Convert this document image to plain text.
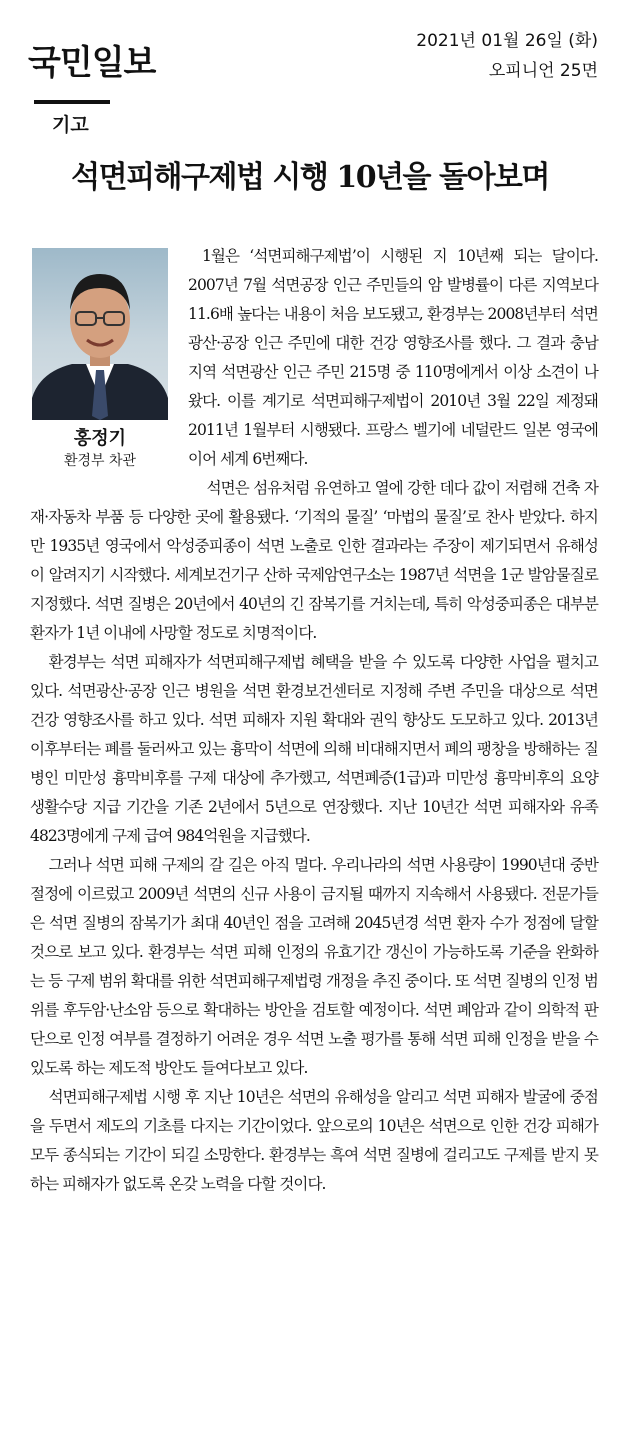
국민일보
2021년 01월 26일 (화)
오피니언 25면
기고
석면피해구제법 시행 10년을 돌아보며
홍정기
환경부 차관

1월은 ‘석면피해구제법’이 시행된 지 10년째 되는 달이다. 2007년 7월 석면공장 인근 주민들의 암 발병률이 다른 지역보다 11.6배 높다는 내용이 처음 보도됐고, 환경부는 2008년부터 석면광산·공장 인근 주민에 대한 건강 영향조사를 했다. 그 결과 충남 지역 석면광산 인근 주민 215명 중 110명에게서 이상 소견이 나왔다. 이를 계기로 석면피해구제법이 2010년 3월 22일 제정돼 2011년 1월부터 시행됐다. 프랑스 벨기에 네덜란드 일본 영국에 이어 세계 6번째다.

석면은 섬유처럼 유연하고 열에 강한 데다 값이 저렴해 건축 자재·자동차 부품 등 다양한 곳에 활용됐다. ‘기적의 물질’ ‘마법의 물질’로 찬사 받았다. 하지만 1935년 영국에서 악성중피종이 석면 노출로 인한 결과라는 주장이 제기되면서 유해성이 알려지기 시작했다. 세계보건기구 산하 국제암연구소는 1987년 석면을 1군 발암물질로 지정했다. 석면 질병은 20년에서 40년의 긴 잠복기를 거치는데, 특히 악성중피종은 대부분 환자가 1년 이내에 사망할 정도로 치명적이다.

환경부는 석면 피해자가 석면피해구제법 혜택을 받을 수 있도록 다양한 사업을 펼치고 있다. 석면광산·공장 인근 병원을 석면 환경보건센터로 지정해 주변 주민을 대상으로 석면 건강 영향조사를 하고 있다. 석면 피해자 지원 확대와 권익 향상도 도모하고 있다. 2013년 이후부터는 폐를 둘러싸고 있는 흉막이 석면에 의해 비대해지면서 폐의 팽창을 방해하는 질병인 미만성 흉막비후를 구제 대상에 추가했고, 석면폐증(1급)과 미만성 흉막비후의 요양 생활수당 지급 기간을 기존 2년에서 5년으로 연장했다. 지난 10년간 석면 피해자와 유족 4823명에게 구제 급여 984억원을 지급했다.

그러나 석면 피해 구제의 갈 길은 아직 멀다. 우리나라의 석면 사용량이 1990년대 중반 절정에 이르렀고 2009년 석면의 신규 사용이 금지될 때까지 지속해서 사용됐다. 전문가들은 석면 질병의 잠복기가 최대 40년인 점을 고려해 2045년경 석면 환자 수가 정점에 달할 것으로 보고 있다. 환경부는 석면 피해 인정의 유효기간 갱신이 가능하도록 기준을 완화하는 등 구제 범위 확대를 위한 석면피해구제법령 개정을 추진 중이다. 또 석면 질병의 인정 범위를 후두암·난소암 등으로 확대하는 방안을 검토할 예정이다. 석면 폐암과 같이 의학적 판단으로 인정 여부를 결정하기 어려운 경우 석면 노출 평가를 통해 석면 피해 인정을 받을 수 있도록 하는 제도적 방안도 들여다보고 있다.

석면피해구제법 시행 후 지난 10년은 석면의 유해성을 알리고 석면 피해자 발굴에 중점을 두면서 제도의 기초를 다지는 기간이었다. 앞으로의 10년은 석면으로 인한 건강 피해가 모두 종식되는 기간이 되길 소망한다. 환경부는 흑여 석면 질병에 걸리고도 구제를 받지 못하는 피해자가 없도록 온갖 노력을 다할 것이다.
